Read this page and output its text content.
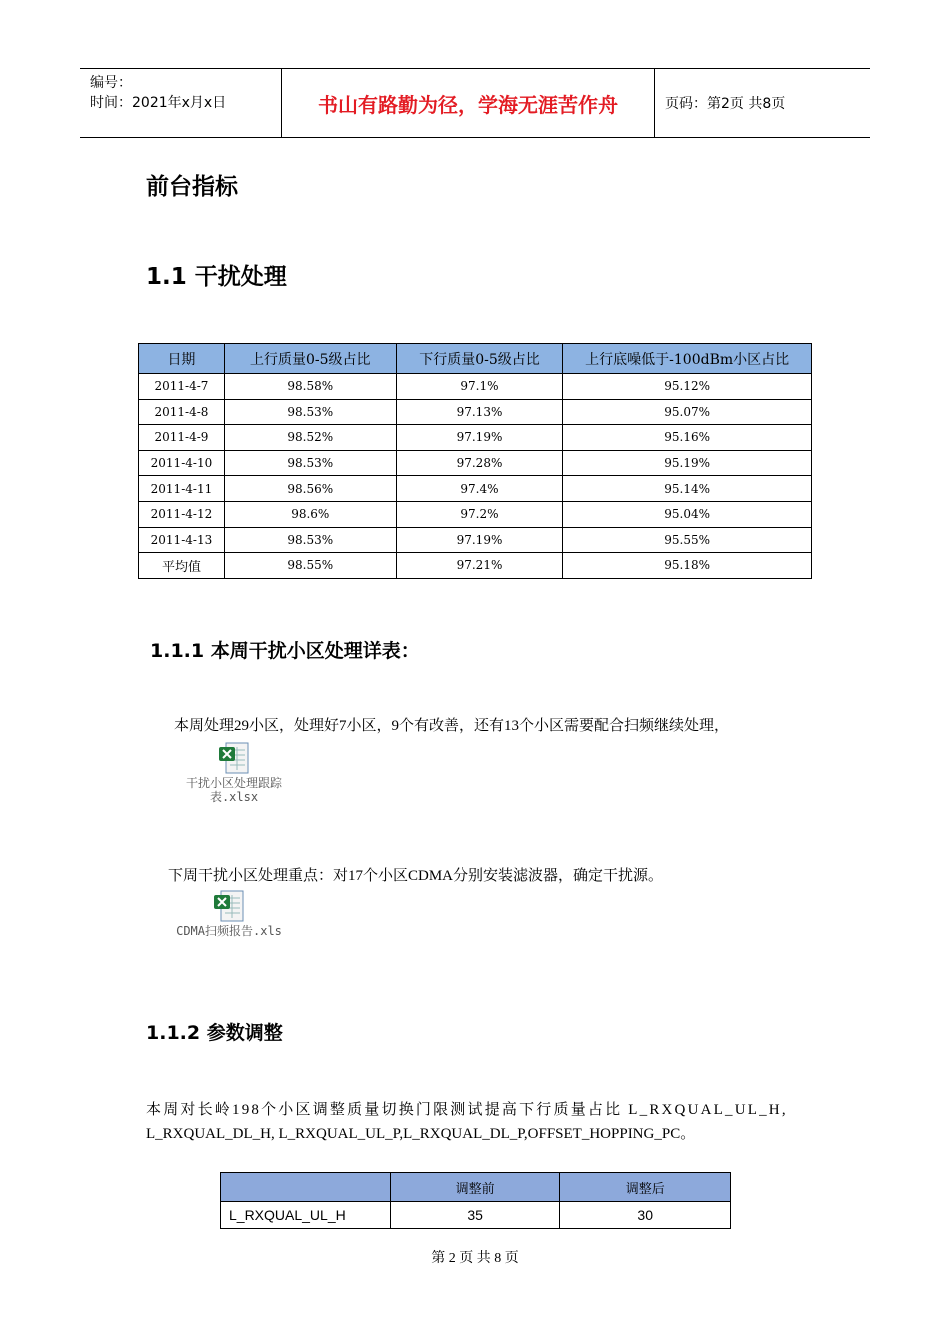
编号：
时间：2021年x月x日	书山有路勤为径，学海无涯苦作舟	页码：第2页 共8页
前台指标
1.1 干扰处理
日期	上行质量0-5级占比	下行质量0-5级占比	上行底噪低于-100dBm小区占比
2011-4-7	98.58%	97.1%	95.12%
2011-4-8	98.53%	97.13%	95.07%
2011-4-9	98.52%	97.19%	95.16%
2011-4-10	98.53%	97.28%	95.19%
2011-4-11	98.56%	97.4%	95.14%
2011-4-12	98.6%	97.2%	95.04%
2011-4-13	98.53%	97.19%	95.55%
平均值	98.55%	97.21%	95.18%
1.1.1 本周干扰小区处理详表：
本周处理29小区，处理好7小区，9个有改善，还有13个小区需要配合扫频继续处理，
干扰小区处理跟踪
表.xlsx
下周干扰小区处理重点：对17个小区CDMA分别安装滤波器，确定干扰源。
CDMA扫频报告.xls
1.1.2 参数调整
本周对长岭198个小区调整质量切换门限测试提高下行质量占比 L_RXQUAL_UL_H,
L_RXQUAL_DL_H, L_RXQUAL_UL_P,L_RXQUAL_DL_P,OFFSET_HOPPING_PC。
	调整前	调整后
L_RXQUAL_UL_H	35	30
第 2 页 共 8 页
